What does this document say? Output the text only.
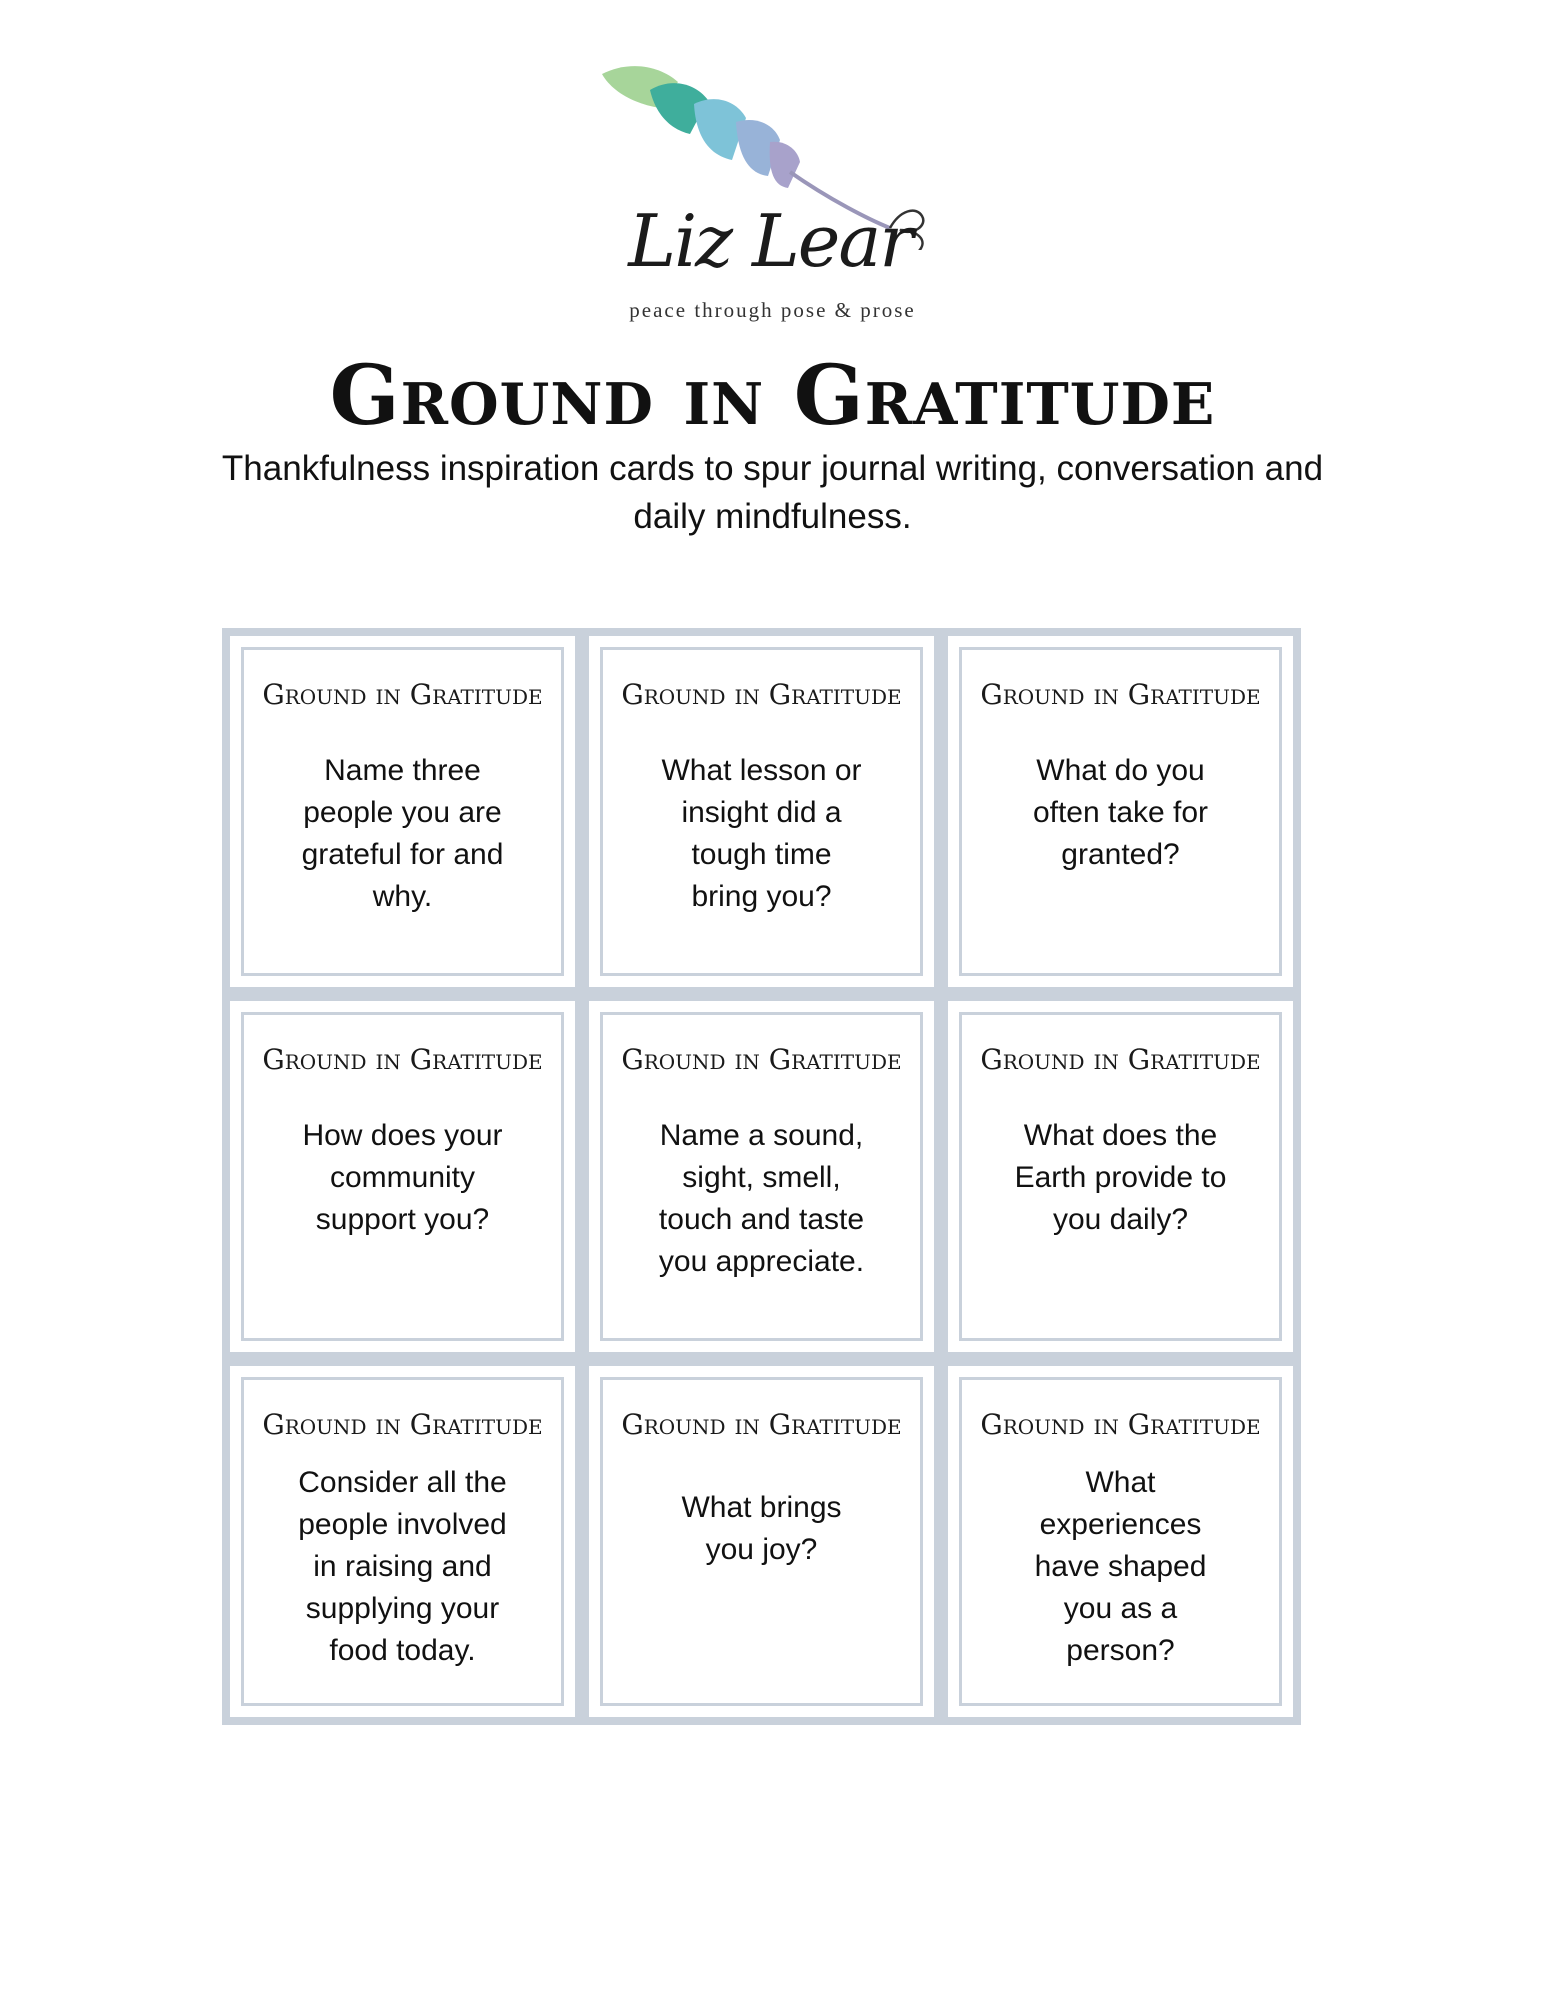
Liz Lear
peace through pose & prose
Ground in Gratitude
Thankfulness inspiration cards to spur journal writing, conversation and daily mindfulness.
Ground in Gratitude
Name three
people you are
grateful for and
why.
Ground in Gratitude
What lesson or
insight did a
tough time
bring you?
Ground in Gratitude
What do you
often take for
granted?
Ground in Gratitude
How does your
community
support you?
Ground in Gratitude
Name a sound,
sight, smell,
touch and taste
you appreciate.
Ground in Gratitude
What does the
Earth provide to
you daily?
Ground in Gratitude
Consider all the
people involved
in raising and
supplying your
food today.
Ground in Gratitude
What brings
you joy?
Ground in Gratitude
What
experiences
have shaped
you as a
person?
